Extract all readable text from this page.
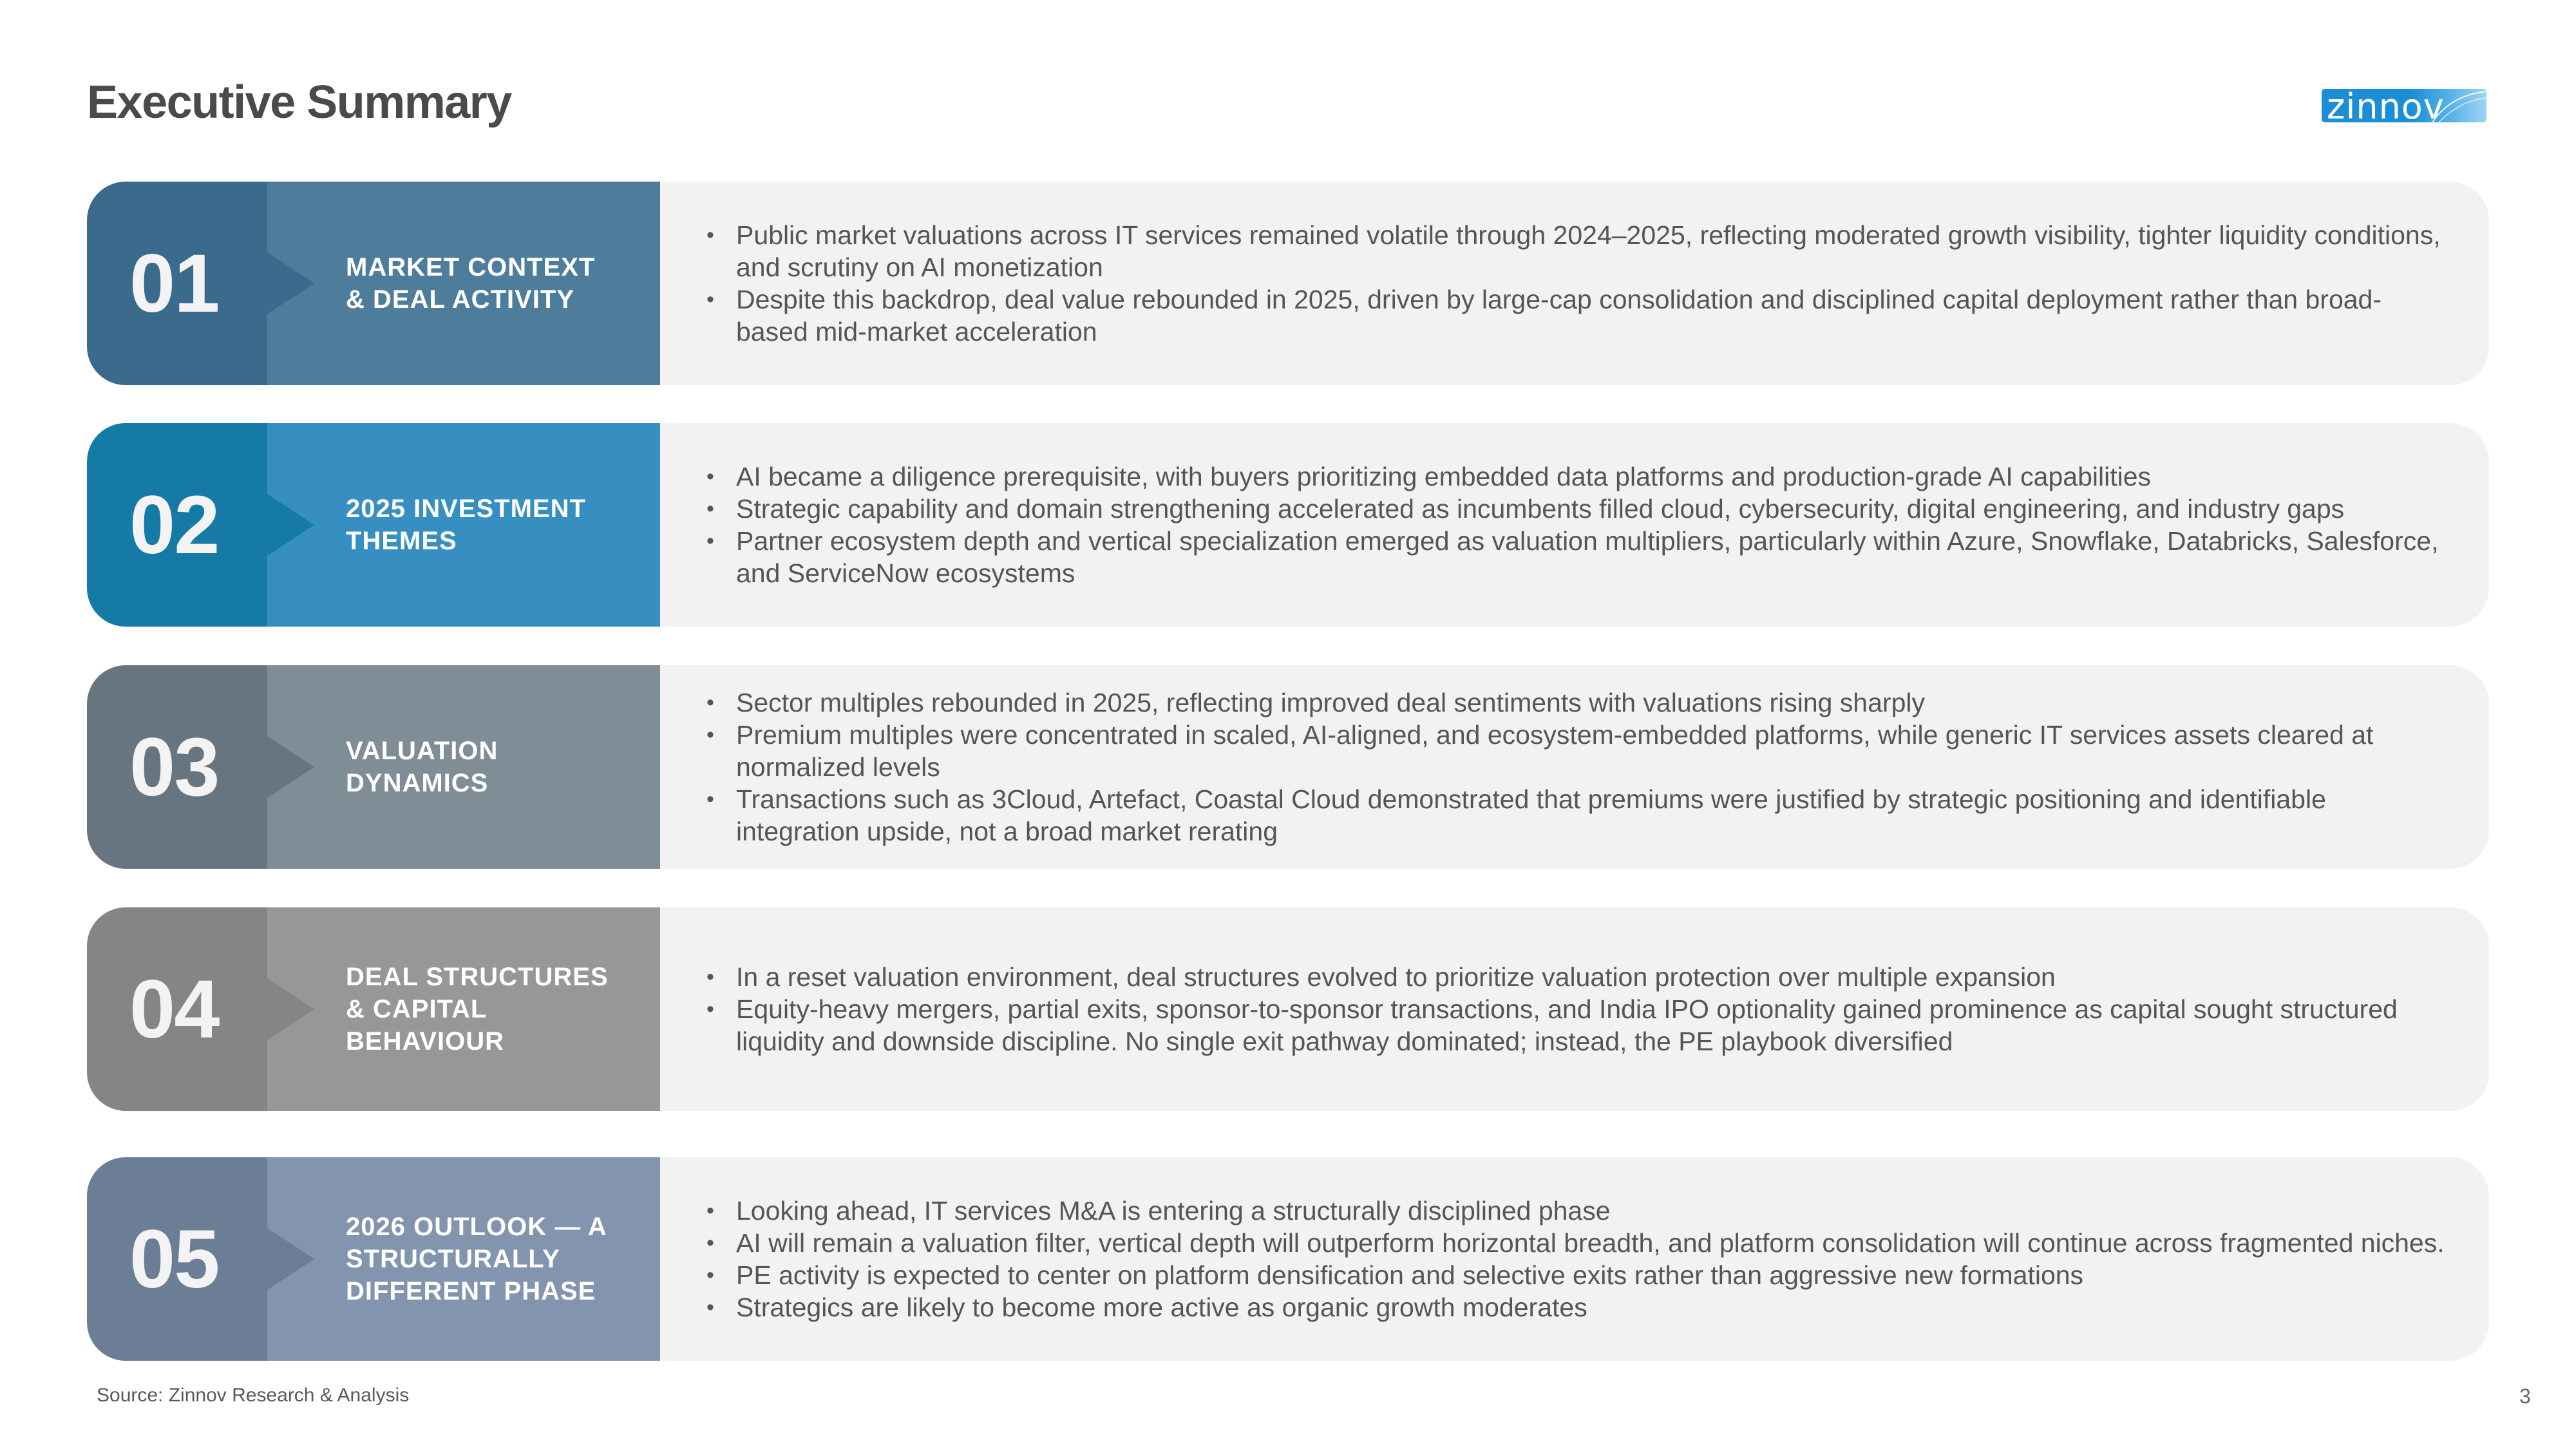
Executive Summary	zinnov
01	MARKET CONTEXT & DEAL ACTIVITY
• Public market valuations across IT services remained volatile through 2024–2025, reflecting moderated growth visibility, tighter liquidity conditions, and scrutiny on AI monetization
• Despite this backdrop, deal value rebounded in 2025, driven by large-cap consolidation and disciplined capital deployment rather than broad-based mid-market acceleration
02	2025 INVESTMENT THEMES
• AI became a diligence prerequisite, with buyers prioritizing embedded data platforms and production-grade AI capabilities
• Strategic capability and domain strengthening accelerated as incumbents filled cloud, cybersecurity, digital engineering, and industry gaps
• Partner ecosystem depth and vertical specialization emerged as valuation multipliers, particularly within Azure, Snowflake, Databricks, Salesforce, and ServiceNow ecosystems
03	VALUATION DYNAMICS
• Sector multiples rebounded in 2025, reflecting improved deal sentiments with valuations rising sharply
• Premium multiples were concentrated in scaled, AI-aligned, and ecosystem-embedded platforms, while generic IT services assets cleared at normalized levels
• Transactions such as 3Cloud, Artefact, Coastal Cloud demonstrated that premiums were justified by strategic positioning and identifiable integration upside, not a broad market rerating
04	DEAL STRUCTURES & CAPITAL BEHAVIOUR
• In a reset valuation environment, deal structures evolved to prioritize valuation protection over multiple expansion
• Equity-heavy mergers, partial exits, sponsor-to-sponsor transactions, and India IPO optionality gained prominence as capital sought structured liquidity and downside discipline. No single exit pathway dominated; instead, the PE playbook diversified
05	2026 OUTLOOK — A STRUCTURALLY DIFFERENT PHASE
• Looking ahead, IT services M&A is entering a structurally disciplined phase
• AI will remain a valuation filter, vertical depth will outperform horizontal breadth, and platform consolidation will continue across fragmented niches.
• PE activity is expected to center on platform densification and selective exits rather than aggressive new formations
• Strategics are likely to become more active as organic growth moderates
Source: Zinnov Research & Analysis	3
